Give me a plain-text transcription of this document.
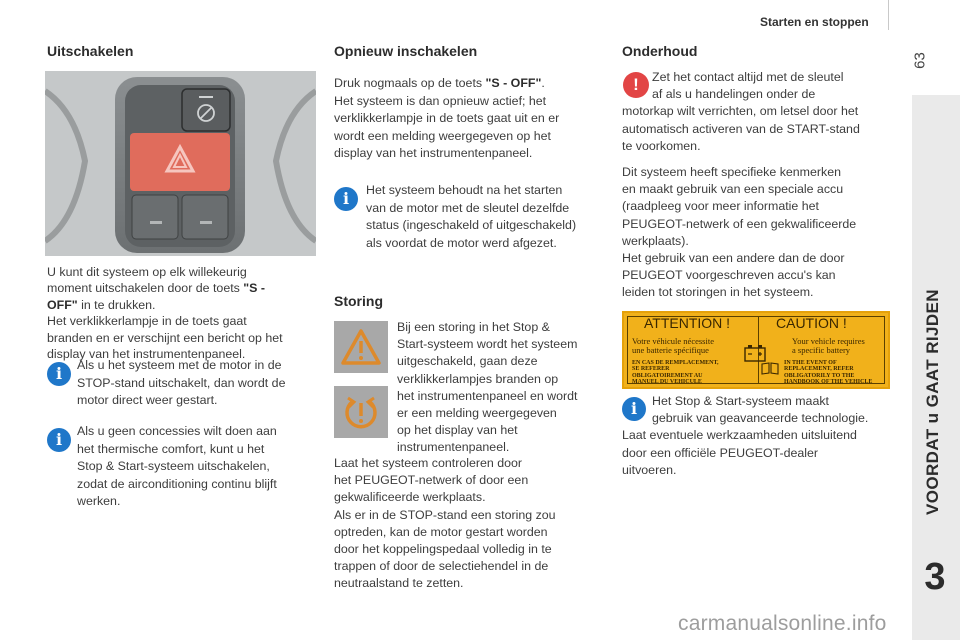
Starten en stoppen
63
VOORDAT u GAAT RIJDEN
3
Uitschakelen
U kunt dit systeem op elk willekeurig
moment uitschakelen door de toets "S -
OFF" in te drukken.
Het verklikkerlampje in de toets gaat
branden en er verschijnt een bericht op het
display van het instrumentenpaneel.
i	Als u het systeem met de motor in de
STOP-stand uitschakelt, dan wordt de
motor direct weer gestart.
i	Als u geen concessies wilt doen aan
het thermische comfort, kunt u het
Stop & Start-systeem uitschakelen,
zodat de airconditioning continu blijft
werken.
Opnieuw inschakelen
Druk nogmaals op de toets "S - OFF".
Het systeem is dan opnieuw actief; het
verklikkerlampje in de toets gaat uit en er
wordt een melding weergegeven op het
display van het instrumentenpaneel.
i	Het systeem behoudt na het starten
van de motor met de sleutel dezelfde
status (ingeschakeld of uitgeschakeld)
als voordat de motor werd afgezet.
Storing
Bij een storing in het Stop &
Start-systeem wordt het systeem
uitgeschakeld, gaan deze
verklikkerlampjes branden op
het instrumentenpaneel en wordt
er een melding weergegeven
op het display van het
instrumentenpaneel.
Laat het systeem controleren door
het PEUGEOT-netwerk of door een
gekwalificeerde werkplaats.
Als er in de STOP-stand een storing zou
optreden, kan de motor gestart worden
door het koppelingspedaal volledig in te
trappen of door de selectiehendel in de
neutraalstand te zetten.
Onderhoud
!	Zet het contact altijd met de sleutel
af als u handelingen onder de
motorkap wilt verrichten, om letsel door het
automatisch activeren van de START-stand
te voorkomen.
Dit systeem heeft specifieke kenmerken
en maakt gebruik van een speciale accu
(raadpleeg voor meer informatie het
PEUGEOT-netwerk of een gekwalificeerde
werkplaats).
Het gebruik van een andere dan de door
PEUGEOT voorgeschreven accu's kan
leiden tot storingen in het systeem.
ATTENTION !	CAUTION !
Votre véhicule nécessite
une batterie spécifique
Your vehicle requires
a specific battery
EN CAS DE REMPLACEMENT,
SE REFERER
OBLIGATOIREMENT AU
MANUEL DU VEHICULE
IN THE EVENT OF
REPLACEMENT, REFER
OBLIGATORILY TO THE
HANDBOOK OF THE VEHICLE
i	Het Stop & Start-systeem maakt
gebruik van geavanceerde technologie.
Laat eventuele werkzaamheden uitsluitend
door een officiële PEUGEOT-dealer
uitvoeren.
carmanualsonline.info
